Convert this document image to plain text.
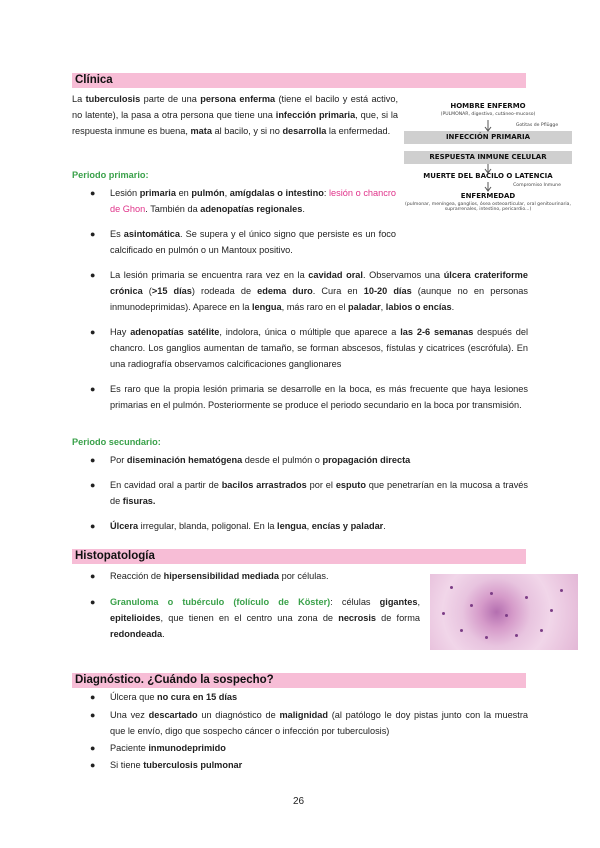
Clínica
La tuberculosis parte de una persona enferma (tiene el bacilo y está activo, no latente), la pasa a otra persona que tiene una infección primaria, que, si la respuesta inmune es buena, mata al bacilo, y si no desarrolla la enfermedad.
HOMBRE ENFERMO
(PULMONAR, digestivo, cutáneo-mucoso)
Gotitas de Pflügge
INFECCIÓN PRIMARIA
RESPUESTA INMUNE CELULAR
MUERTE DEL BACILO O LATENCIA
Compromiso Inmune
ENFERMEDAD
(pulmonar, meníngea, ganglios, ósea osteoarticular, oral genitourinaria, suprarrenales, intestino, pericardio...)
Periodo primario:
● Lesión primaria en pulmón, amígdalas o intestino: lesión o chancro de Ghon. También da adenopatías regionales.
● Es asintomática. Se supera y el único signo que persiste es un foco calcificado en pulmón o un Mantoux positivo.
● La lesión primaria se encuentra rara vez en la cavidad oral. Observamos una úlcera crateriforme crónica (>15 días) rodeada de edema duro. Cura en 10-20 días (aunque no en personas inmunodeprimidas). Aparece en la lengua, más raro en el paladar, labios o encías.
● Hay adenopatías satélite, indolora, única o múltiple que aparece a las 2-6 semanas después del chancro. Los ganglios aumentan de tamaño, se forman abscesos, fístulas y cicatrices (escrófula). En una radiografía observamos calcificaciones ganglionares
● Es raro que la propia lesión primaria se desarrolle en la boca, es más frecuente que haya lesiones primarias en el pulmón. Posteriormente se produce el periodo secundario en la boca por transmisión.
Periodo secundario:
● Por diseminación hematógena desde el pulmón o propagación directa
● En cavidad oral a partir de bacilos arrastrados por el esputo que penetrarían en la mucosa a través de fisuras.
● Úlcera irregular, blanda, poligonal. En la lengua, encías y paladar.
Histopatología
● Reacción de hipersensibilidad mediada por células.
● Granuloma o tubérculo (folículo de Köster): células gigantes, epitelioides, que tienen en el centro una zona de necrosis de forma redondeada.
Diagnóstico. ¿Cuándo la sospecho?
● Úlcera que no cura en 15 días
● Una vez descartado un diagnóstico de malignidad (al patólogo le doy pistas junto con la muestra que le envío, digo que sospecho cáncer o infección por tuberculosis)
● Paciente inmunodeprimido
● Si tiene tuberculosis pulmonar
26
